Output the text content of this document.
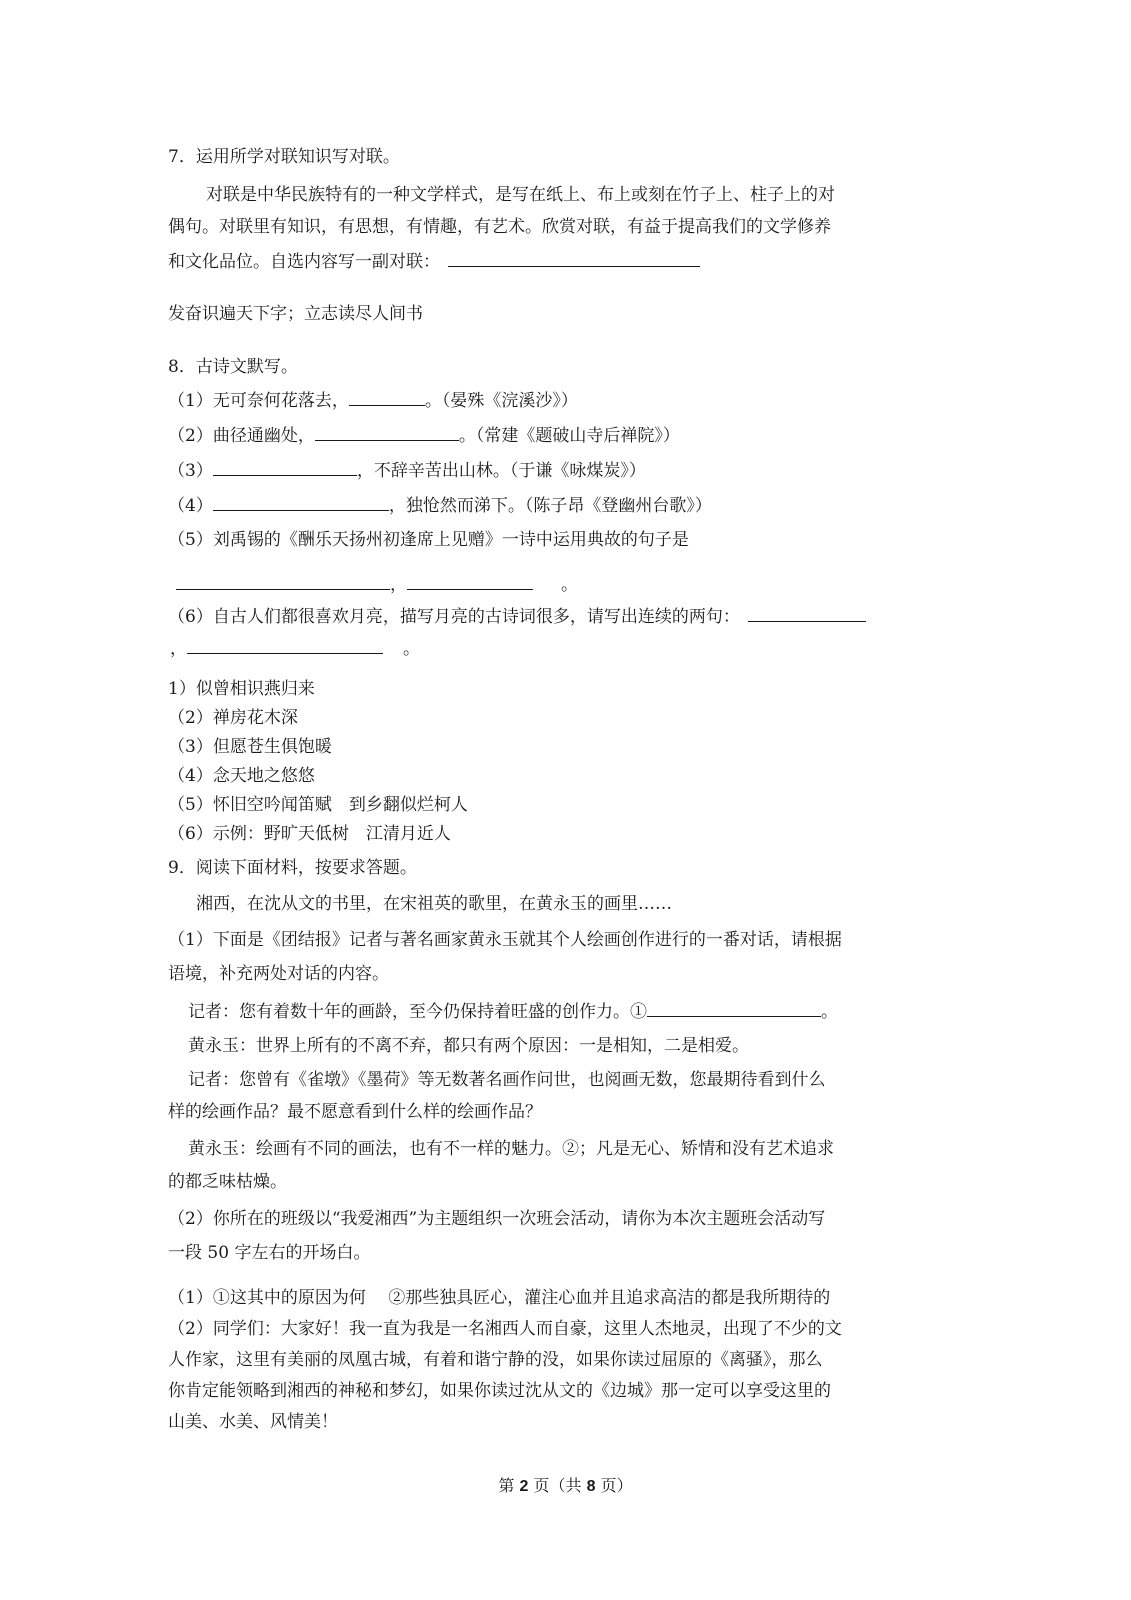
7．运用所学对联知识写对联。
对联是中华民族特有的一种文学样式，是写在纸上、布上或刻在竹子上、柱子上的对
偶句。对联里有知识，有思想，有情趣，有艺术。欣赏对联，有益于提高我们的文学修养
和文化品位。自选内容写一副对联：
发奋识遍天下字；立志读尽人间书
8．古诗文默写。
（1）无可奈何花落去，	。（晏殊《浣溪沙》）
（2）曲径通幽处，	。（常建《题破山寺后禅院》）
（3）	，不辞辛苦出山林。（于谦《咏煤炭》）
（4）	，独怆然而涕下。（陈子昂《登幽州台歌》）
（5）刘禹锡的《酬乐天扬州初逢席上见赠》一诗中运用典故的句子是
，	。
（6）自古人们都很喜欢月亮，描写月亮的古诗词很多，请写出连续的两句：
，	。
1）似曾相识燕归来
（2）禅房花木深
（3）但愿苍生俱饱暖
（4）念天地之悠悠
（5）怀旧空吟闻笛赋　到乡翻似烂柯人
（6）示例：野旷天低树　江清月近人
9．阅读下面材料，按要求答题。
湘西，在沈从文的书里，在宋祖英的歌里，在黄永玉的画里……
（1）下面是《团结报》记者与著名画家黄永玉就其个人绘画创作进行的一番对话，请根据
语境，补充两处对话的内容。
记者：您有着数十年的画龄，至今仍保持着旺盛的创作力。①	。
黄永玉：世界上所有的不离不弃，都只有两个原因：一是相知，二是相爱。
记者：您曾有《雀墩》《墨荷》等无数著名画作问世，也阅画无数，您最期待看到什么
样的绘画作品？最不愿意看到什么样的绘画作品？
黄永玉：绘画有不同的画法，也有不一样的魅力。②；凡是无心、矫情和没有艺术追求
的都乏味枯燥。
（2）你所在的班级以“我爱湘西”为主题组织一次班会活动，请你为本次主题班会活动写
一段 50 字左右的开场白。
（1）①这其中的原因为何　 ②那些独具匠心，灌注心血并且追求高洁的都是我所期待的
（2）同学们：大家好！我一直为我是一名湘西人而自豪，这里人杰地灵，出现了不少的文
人作家，这里有美丽的凤凰古城，有着和谐宁静的没，如果你读过屈原的《离骚》，那么
你肯定能领略到湘西的神秘和梦幻，如果你读过沈从文的《边城》那一定可以享受这里的
山美、水美、风情美！
第 2 页（共 8 页）
